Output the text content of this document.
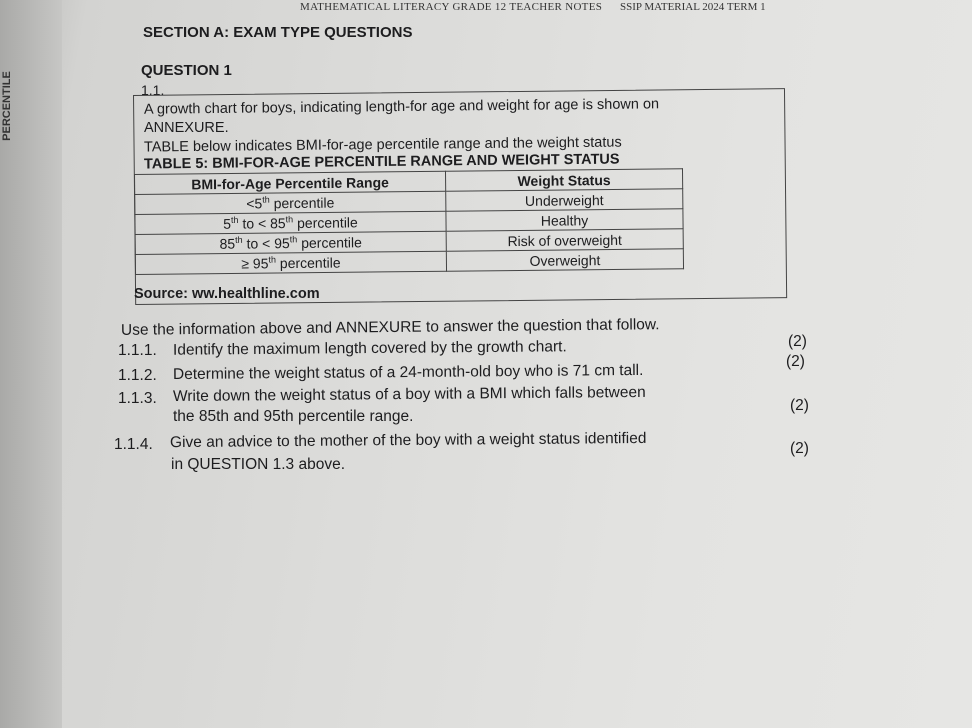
PERCENTILE
MATHEMATICAL LITERACY GRADE 12 TEACHER NOTES SSIP MATERIAL 2024 TERM 1
SECTION A: EXAM TYPE QUESTIONS
QUESTION 1
1.1.
A growth chart for boys, indicating length-for age and weight for age is shown on
ANNEXURE.
TABLE below indicates BMI-for-age percentile range and the weight status
TABLE 5: BMI-FOR-AGE PERCENTILE RANGE AND WEIGHT STATUS
BMI-for-Age Percentile Range	Weight Status
<5th percentile	Underweight
5th to < 85th percentile	Healthy
85th to < 95th percentile	Risk of overweight
≥ 95th percentile	Overweight
Source: ww.healthline.com
Use the information above and ANNEXURE to answer the question that follow.
1.1.1. Identify the maximum length covered by the growth chart.	(2)
1.1.2. Determine the weight status of a 24-month-old boy who is 71 cm tall.
(2)
1.1.3. Write down the weight status of a boy with a BMI which falls between
the 85th and 95th percentile range.
(2)
1.1.4. Give an advice to the mother of the boy with a weight status identified
in QUESTION 1.3 above.
(2)
